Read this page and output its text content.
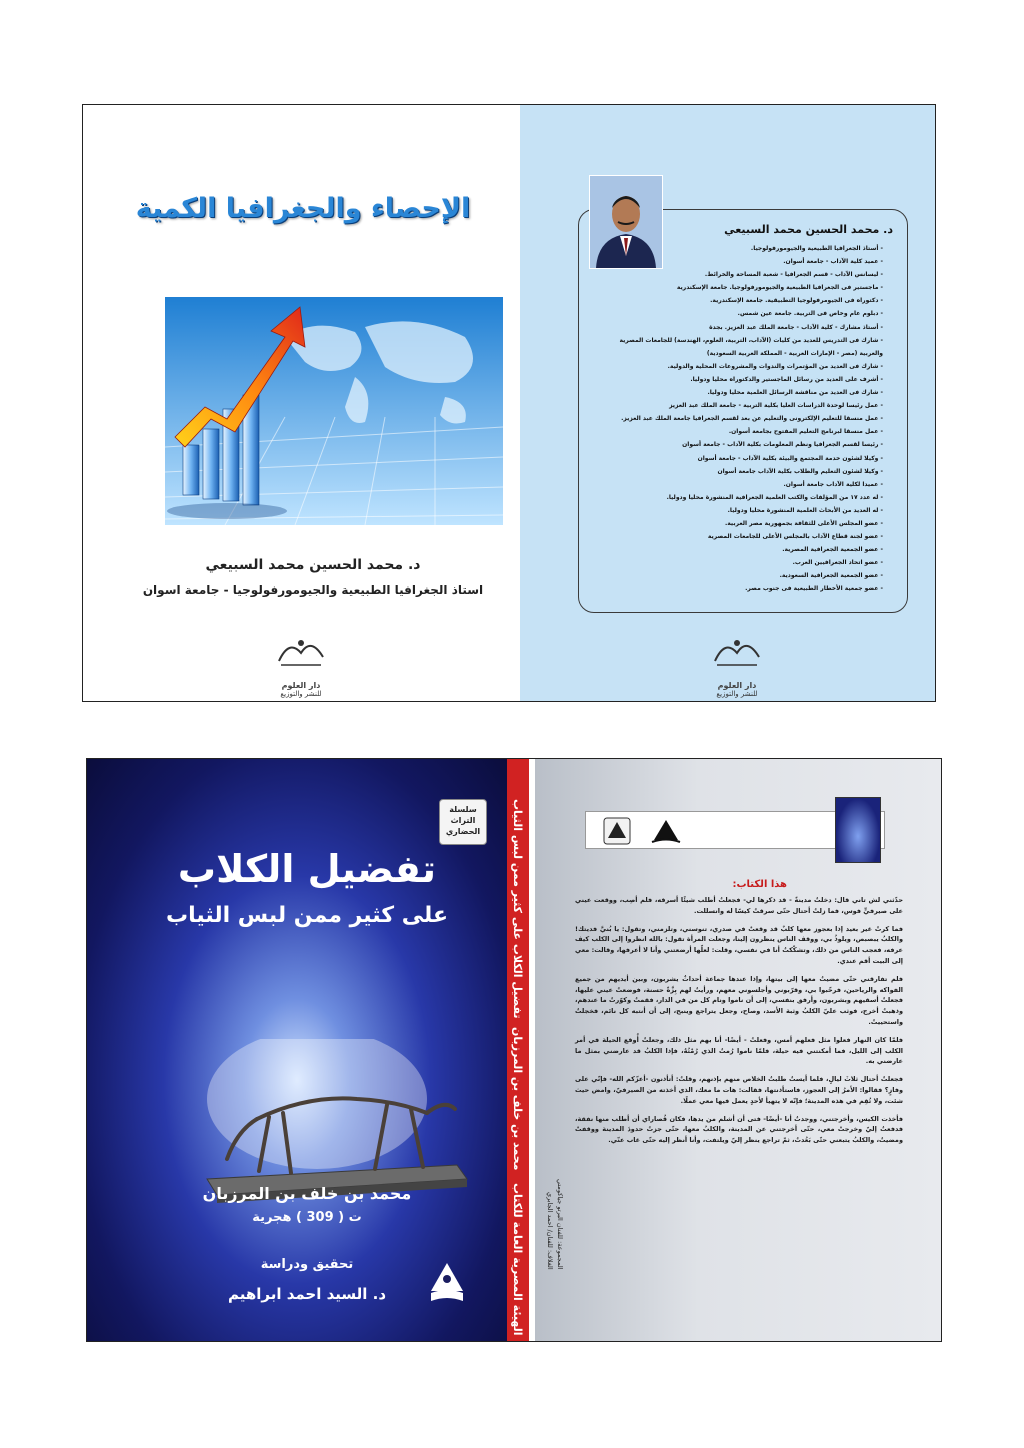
الإحصاء والجغرافيا الكمية
د. محمد الحسين محمد السبيعي
استاذ الجغرافيا الطبيعية والجيومورفولوجيا - جامعة اسوان
دار العلوم
للنشر والتوزيع
د. محمد الحسين محمد السبيعي
- أستاذ الجغرافيا الطبيعية والجيومورفولوجيا.
- عميد كلية الآداب - جامعة أسوان.
- ليسانس الآداب - قسم الجغرافيا - شعبة المساحة والخرائط.
- ماجستير فى الجغرافيا الطبيعية والجيومورفولوجيا. جامعة الإسكندرية
- دكتوراه فى الجيومرفولوجيا التطبيقية. جامعة الإسكندرية.
- دبلوم عام وخاص فى التربية. جامعة عين شمس.
- أستاذ مشارك - كلية الآداب - جامعة الملك عبد العزيز. بجدة
- شارك فى التدريس للعديد من كليات (الآداب، التربية، العلوم، الهندسة) للجامعات المصرية
والعربية (مصر - الإمارات العربية - المملكة العربية السعودية)
- شارك فى العديد من المؤتمرات والندوات والمشروعات المحلية والدولية.
- أشرف على العديد من رسائل الماجستير والدكتوراه محليا ودوليا.
- شارك فى العديد من مناقشة الرسائل العلمية محليا ودوليا.
- عمل رئيسا لوحدة الدراسات العليا بكلية التربية - جامعة الملك عبد العزيز
- عمل منسقا للتعليم الإلكترونى والتعليم عن بعد لقسم الجغرافيا جامعة الملك عبد العزيز.
- عمل منسقا لبرنامج التعليم المفتوح بجامعة أسوان.
- رئيسا لقسم الجغرافيا ونظم المعلومات بكلية الآداب - جامعة أسوان
- وكيلا لشئون خدمة المجتمع والبيئة بكلية الآداب - جامعة أسوان
- وكيلا لشئون التعليم والطلاب بكلية الآداب جامعة أسوان
- عميدا لكلية الآداب جامعة أسوان.
- له عدد ١٧ من المؤلفات والكتب العلمية الجغرافية المنشورة محليا ودوليا.
- له العديد من الأبحاث العلمية المنشورة محليا ودوليا.
- عضو المجلس الأعلى للثقافة بجمهورية مصر العربية.
- عضو لجنة قطاع الآداب بالمجلس الأعلى للجامعات المصرية
- عضو الجمعية الجغرافية المصرية.
- عضو اتحاد الجغرافيين العرب.
- عضو الجمعية الجغرافية السعودية.
- عضو جمعية الأخطار الطبيعية فى جنوب مصر.
دار العلوم
للنشر والتوزيع
سلسلة التراث الحضاري
تفضيل الكلاب
على كثير ممن لبس الثياب
محمد بن خلف بن المرزبان
ت ( 309 ) هجرية
تحقيق ودراسة
د. السيد احمد ابراهيم
تفضيل الكلاب على كثير ممن لبس الثياب
محمد بن خلف بن المرزبان
الهيئة المصرية العامة للكتاب
هذا الكتاب:

حدّثني لش تاني قال: دخلتُ مدينةً - قد ذكرها لي- فجعلتُ أطلب شيئًا أسرقه، فلم أصِب، ووقعت عيني على صيرفيٍّ فوس، فما زلتُ أحتال حتّى سرقتُ كيسًا له وانسللت.

فما كرتُ غير بعيد إذا بعجوز معها كلبٌ قد وقعتْ في صدري، تنوسني، وتلزمني، وتقول: يا بُنيَّ فديتك! والكلبُ يبصبص، ويلوذُ بي، ووقف الناس ينظرون إلينا، وجعلت المرأة تقول: بالله انظروا إلى الكلب كيف عرفه، فعجب الناس من ذلك، وتشكّكتُ أنا في نفسي، وقلت: لعلّها أرضعتني وأنا لا أعرفها، وقالت: معي إلى البيت أقم عندي.

فلم تفارقني حتّى مضيتُ معها إلى بيتها، وإذا عندها جماعة أحداثٌ يشربون، وبين أيديهم من جميع الفواكه والرياحين، فرحّبوا بي، وقرّبوني وأجلسوني معهم، ورأيتُ لهم بِزَّةً حسنة، فوضعتُ عيني عليها، فجعلتُ أسقيهم وبشربون، وأرفق بنفسي، إلى أن ناموا ونام كل من في الدار، فقمتُ وكوّرتُ ما عندهم، وذهبتُ أخرج، فوثب عليّ الكلبُ وثبة الأسد، وصاح، وجعل يتراجع وينبح، إلى أن أنتبه كل نائم، فخجلتُ واستحييتُ.

فلمّا كان النهار فعلوا مثل فعلهم أمس، وفعلتُ - أيضًا- أنا بهم مثل ذلك، وجعلتُ أُوقع الحيلة في أمر الكلب إلى الليل، فما أمكنتني فيه حيلة، فلمّا ناموا رُمتُ الذي رُمْتُهُ، فإذا الكلبُ قد عارضني بمثل ما عارضني به.

فجعلتُ أحتال ثلاثَ ليالٍ، فلما أيستُ طلبتُ الخلاص منهم بإذنهم، وقلتُ: أتأذنون -أعزّكم الله- فإنّي على وفازٍ؟ فقالوا: الأمرُ إلى العجوز، فاستأذنتها، فقالت: هات ما معك، الذي أخذته من الصيرفيّ، وامض حيث شئت، ولا تُقِم في هذه المدينة؛ فإنّه لا يتهيأ لأحدٍ يعمل فيها معي عملًا.

فأخذت الكيس، وأخرجتني، ووجدتُ أنا -أيضًا- فتى أن أشلم من يدها، فكان قُصاراي أن أطلب منها نفقة، فدفعتُ إليّ وخرجتْ معي، حتّى أخرجتني عن المدينة، والكلبُ معها، حتّى جزتُ حدودَ المدينة ووقفتْ ومضيتُ، والكلبُ يتبعني حتّى بَعُدتُ، ثمّ تراجع ينظر إليّ ويلتفت، وأنا أنظر إليه حتّى غاب عنّي.

المجموعة: للفنان البرتو جياكومتي
الغلاف: للفنان/ احمد الجابري
